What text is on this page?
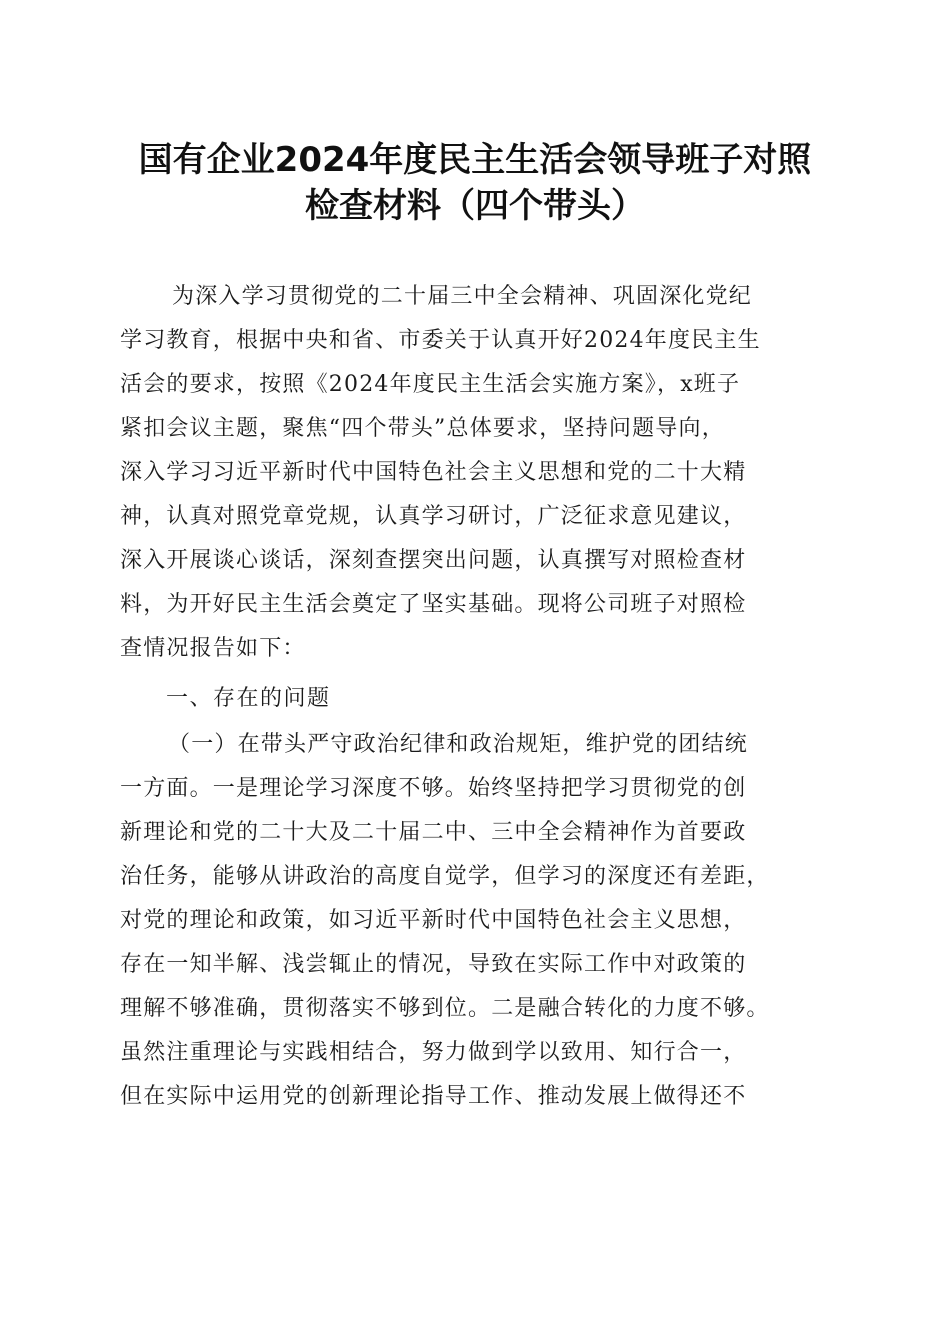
国有企业2024年度民主生活会领导班子对照
检查材料（四个带头）
为深入学习贯彻党的二十届三中全会精神、巩固深化党纪
学习教育，根据中央和省、市委关于认真开好2024年度民主生
活会的要求，按照《2024年度民主生活会实施方案》，x班子
紧扣会议主题，聚焦“四个带头”总体要求，坚持问题导向，
深入学习习近平新时代中国特色社会主义思想和党的二十大精
神，认真对照党章党规，认真学习研讨，广泛征求意见建议，
深入开展谈心谈话，深刻查摆突出问题，认真撰写对照检查材
料，为开好民主生活会奠定了坚实基础。现将公司班子对照检
查情况报告如下：
一、存在的问题
（一）在带头严守政治纪律和政治规矩，维护党的团结统
一方面。一是理论学习深度不够。始终坚持把学习贯彻党的创
新理论和党的二十大及二十届二中、三中全会精神作为首要政
治任务，能够从讲政治的高度自觉学，但学习的深度还有差距，
对党的理论和政策，如习近平新时代中国特色社会主义思想，
存在一知半解、浅尝辄止的情况，导致在实际工作中对政策的
理解不够准确，贯彻落实不够到位。二是融合转化的力度不够。
虽然注重理论与实践相结合，努力做到学以致用、知行合一，
但在实际中运用党的创新理论指导工作、推动发展上做得还不
